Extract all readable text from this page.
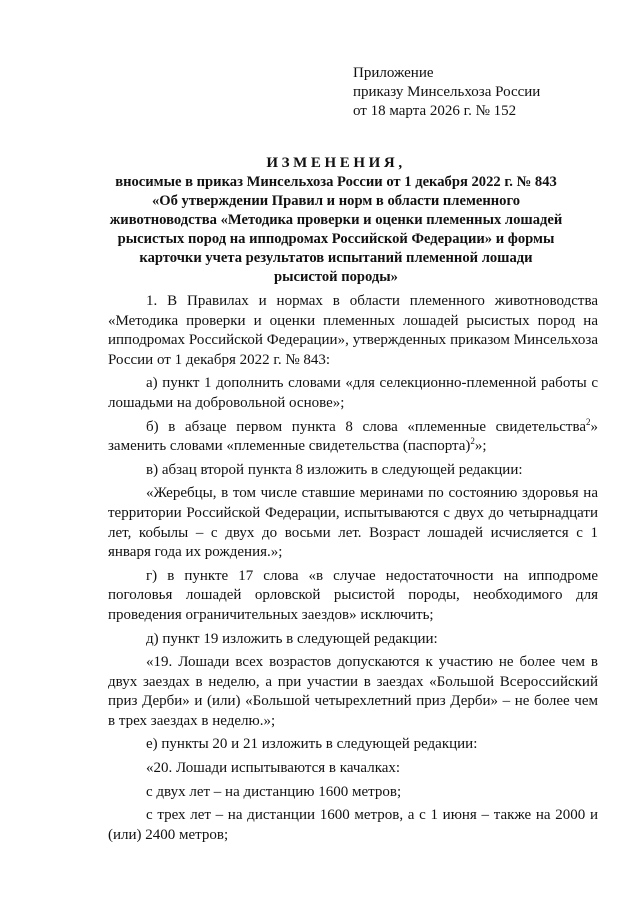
Приложение
приказу Минсельхоза России
от 18 марта 2026 г. № 152
ИЗМЕНЕНИЯ,
вносимые в приказ Минсельхоза России от 1 декабря 2022 г. № 843
«Об утверждении Правил и норм в области племенного
животноводства «Методика проверки и оценки племенных лошадей
рысистых пород на ипподромах Российской Федерации» и формы
карточки учета результатов испытаний племенной лошади
рысистой породы»

1. В Правилах и нормах в области племенного животноводства «Методика проверки и оценки племенных лошадей рысистых пород на ипподромах Российской Федерации», утвержденных приказом Минсельхоза России от 1 декабря 2022 г. № 843:

а) пункт 1 дополнить словами «для селекционно-племенной работы с лошадьми на добровольной основе»;

б) в абзаце первом пункта 8 слова «племенные свидетельства$^2$» заменить словами «племенные свидетельства (паспорта)$^2$»;

в) абзац второй пункта 8 изложить в следующей редакции:

«Жеребцы, в том числе ставшие меринами по состоянию здоровья на территории Российской Федерации, испытываются с двух до четырнадцати лет, кобылы – с двух до восьми лет. Возраст лошадей исчисляется с 1 января года их рождения.»;

г) в пункте 17 слова «в случае недостаточности на ипподроме поголовья лошадей орловской рысистой породы, необходимого для проведения ограничительных заездов» исключить;

д) пункт 19 изложить в следующей редакции:

«19. Лошади всех возрастов допускаются к участию не более чем в двух заездах в неделю, а при участии в заездах «Большой Всероссийский приз Дерби» и (или) «Большой четырехлетний приз Дерби» – не более чем в трех заездах в неделю.»;

е) пункты 20 и 21 изложить в следующей редакции:

«20. Лошади испытываются в качалках:

с двух лет – на дистанцию 1600 метров;

с трех лет – на дистанции 1600 метров, а с 1 июня – также на 2000 и (или) 2400 метров;
